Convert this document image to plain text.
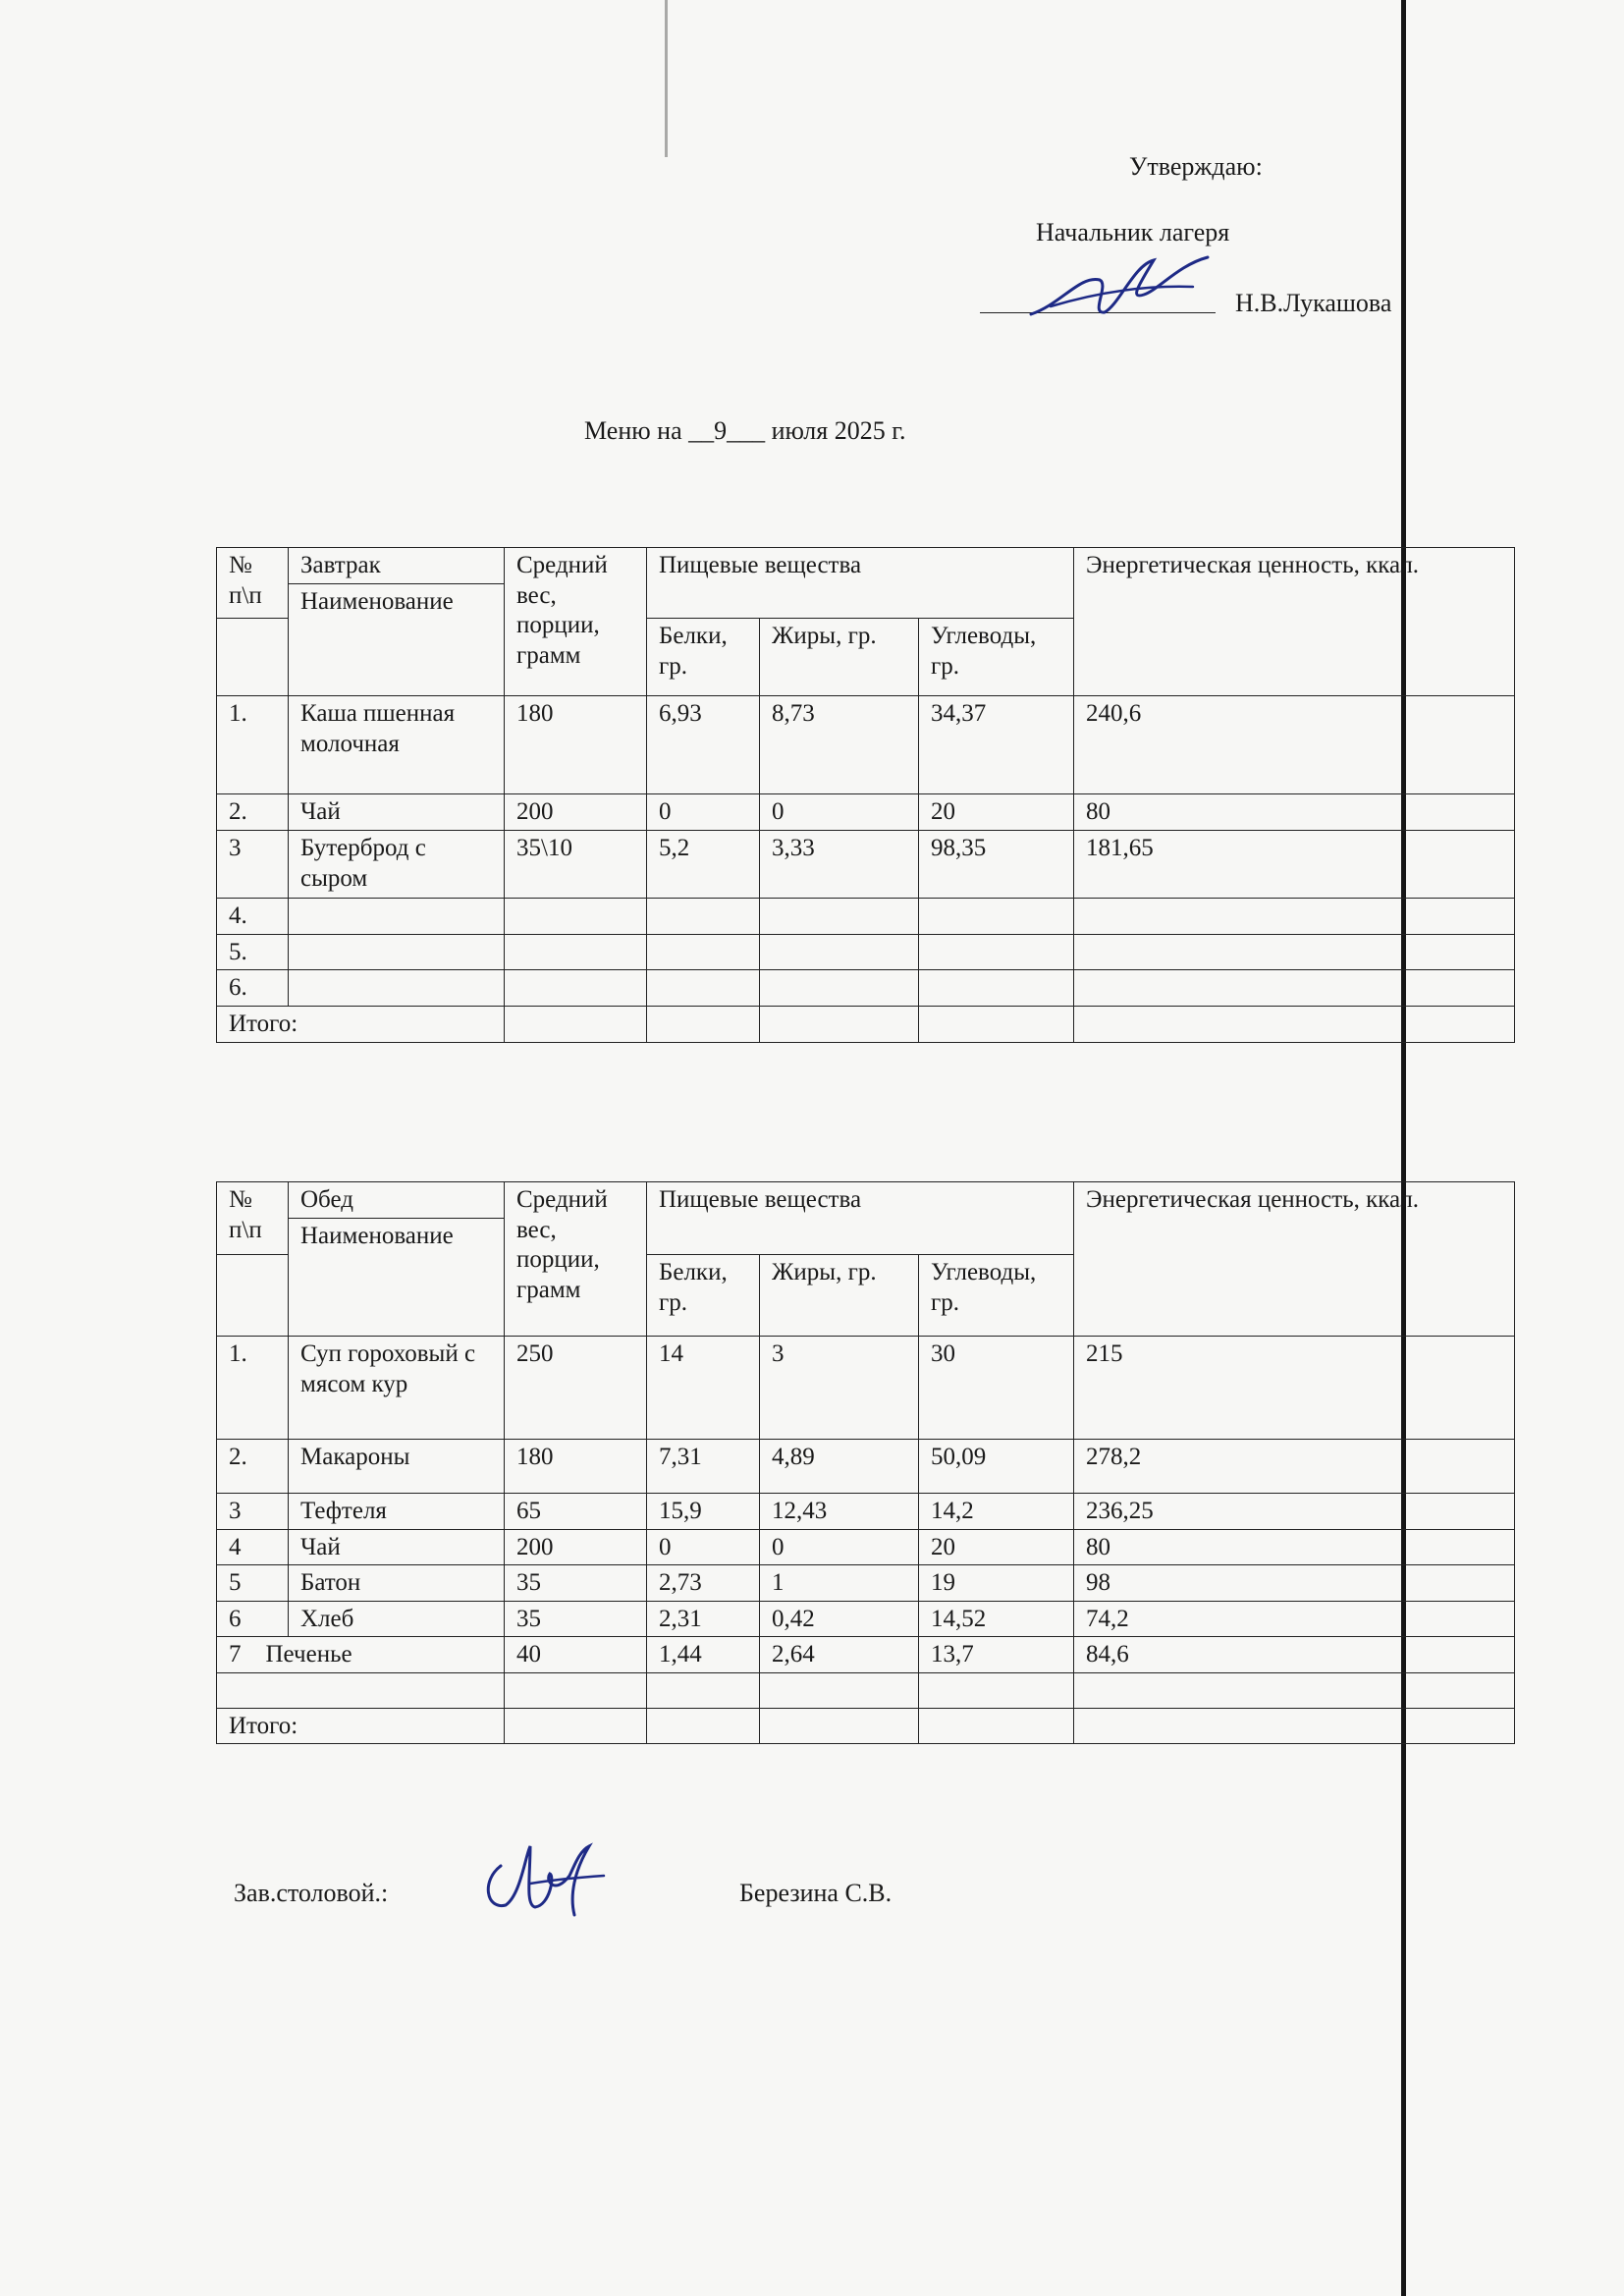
Утверждаю:
Начальник лагеря
Н.В.Лукашова
Меню на __9___ июля 2025 г.
№ п\п	Завтрак	Средний вес, порции, грамм	Пищевые вещества			Энергетическая ценность, ккал.
	Наименование					
			Белки, гр.	Жиры, гр.	Углеводы, гр.	
1.	Каша пшенная молочная	180	6,93	8,73	34,37	240,6
2.	Чай	200	0	0	20	80
3	Бутерброд с сыром	35\10	5,2	3,33	98,35	181,65
4.						
5.						
6.						
Итого:						
№ п\п	Обед	Средний вес, порции, грамм	Пищевые вещества			Энергетическая ценность, ккал.
	Наименование					
			Белки, гр.	Жиры, гр.	Углеводы, гр.	
1.	Суп гороховый с мясом кур	250	14	3	30	215
2.	Макароны	180	7,31	4,89	50,09	278,2
3	Тефтеля	65	15,9	12,43	14,2	236,25
4	Чай	200	0	0	20	80
5	Батон	35	2,73	1	19	98
6	Хлеб	35	2,31	0,42	14,52	74,2
7    Печенье		40	1,44	2,64	13,7	84,6

Итого:						
Зав.столовой.:	Березина С.В.
